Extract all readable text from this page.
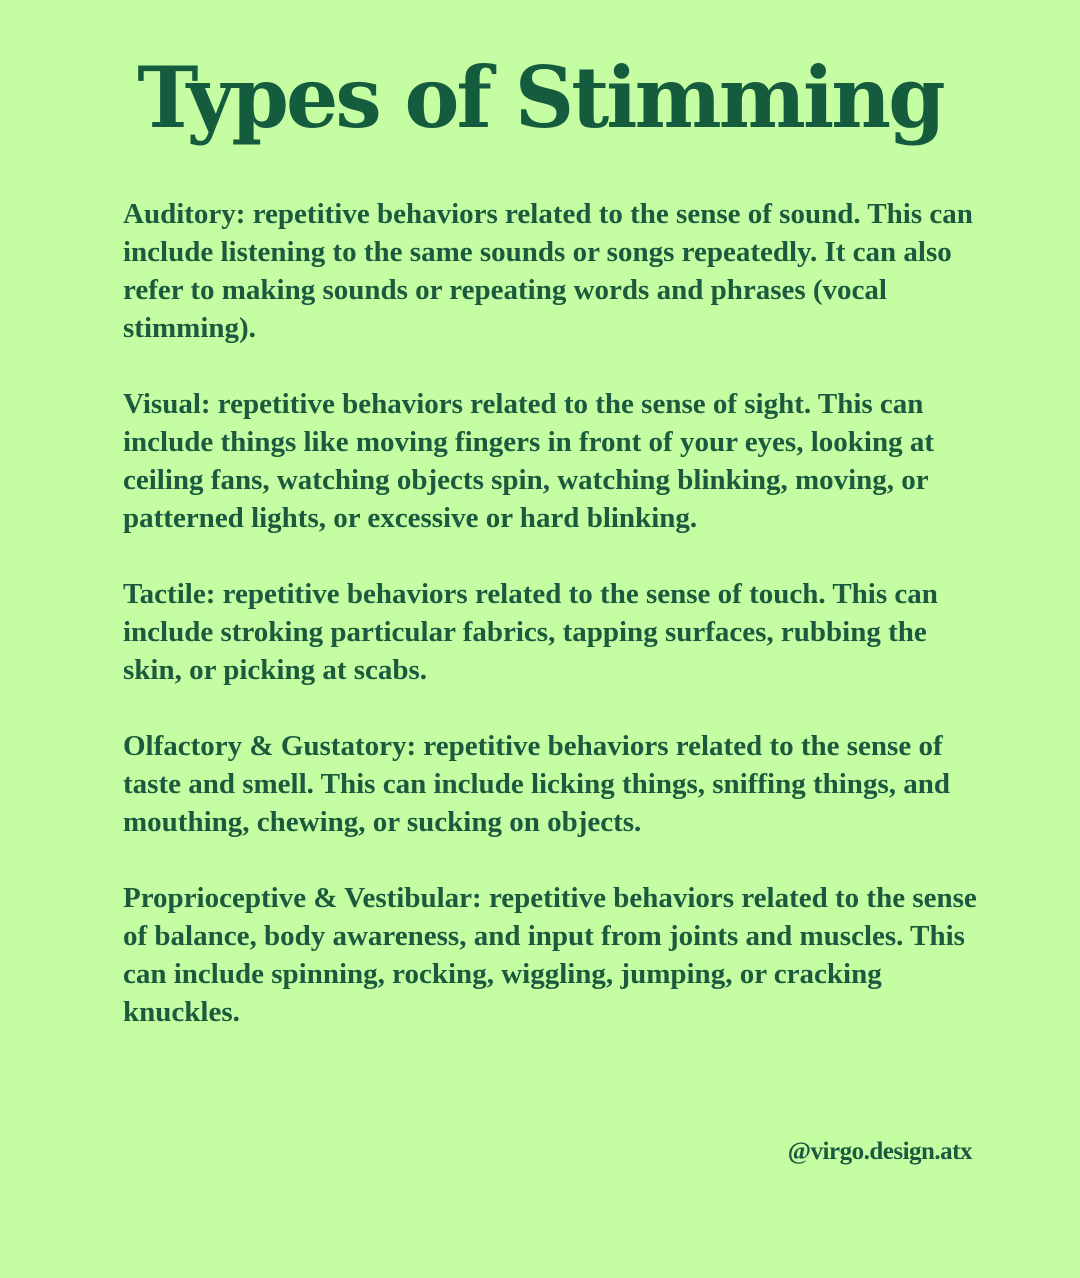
Types of Stimming

Auditory: repetitive behaviors related to the sense of sound. This can include listening to the same sounds or songs repeatedly. It can also refer to making sounds or repeating words and phrases (vocal stimming).

Visual: repetitive behaviors related to the sense of sight. This can include things like moving fingers in front of your eyes, looking at ceiling fans, watching objects spin, watching blinking, moving, or patterned lights, or excessive or hard blinking.

Tactile: repetitive behaviors related to the sense of touch. This can include stroking particular fabrics, tapping surfaces, rubbing the skin, or picking at scabs.

Olfactory & Gustatory: repetitive behaviors related to the sense of taste and smell. This can include licking things, sniffing things, and mouthing, chewing, or sucking on objects.

Proprioceptive & Vestibular: repetitive behaviors related to the sense of balance, body awareness, and input from joints and muscles. This can include spinning, rocking, wiggling, jumping, or cracking knuckles.

@virgo.design.atx
